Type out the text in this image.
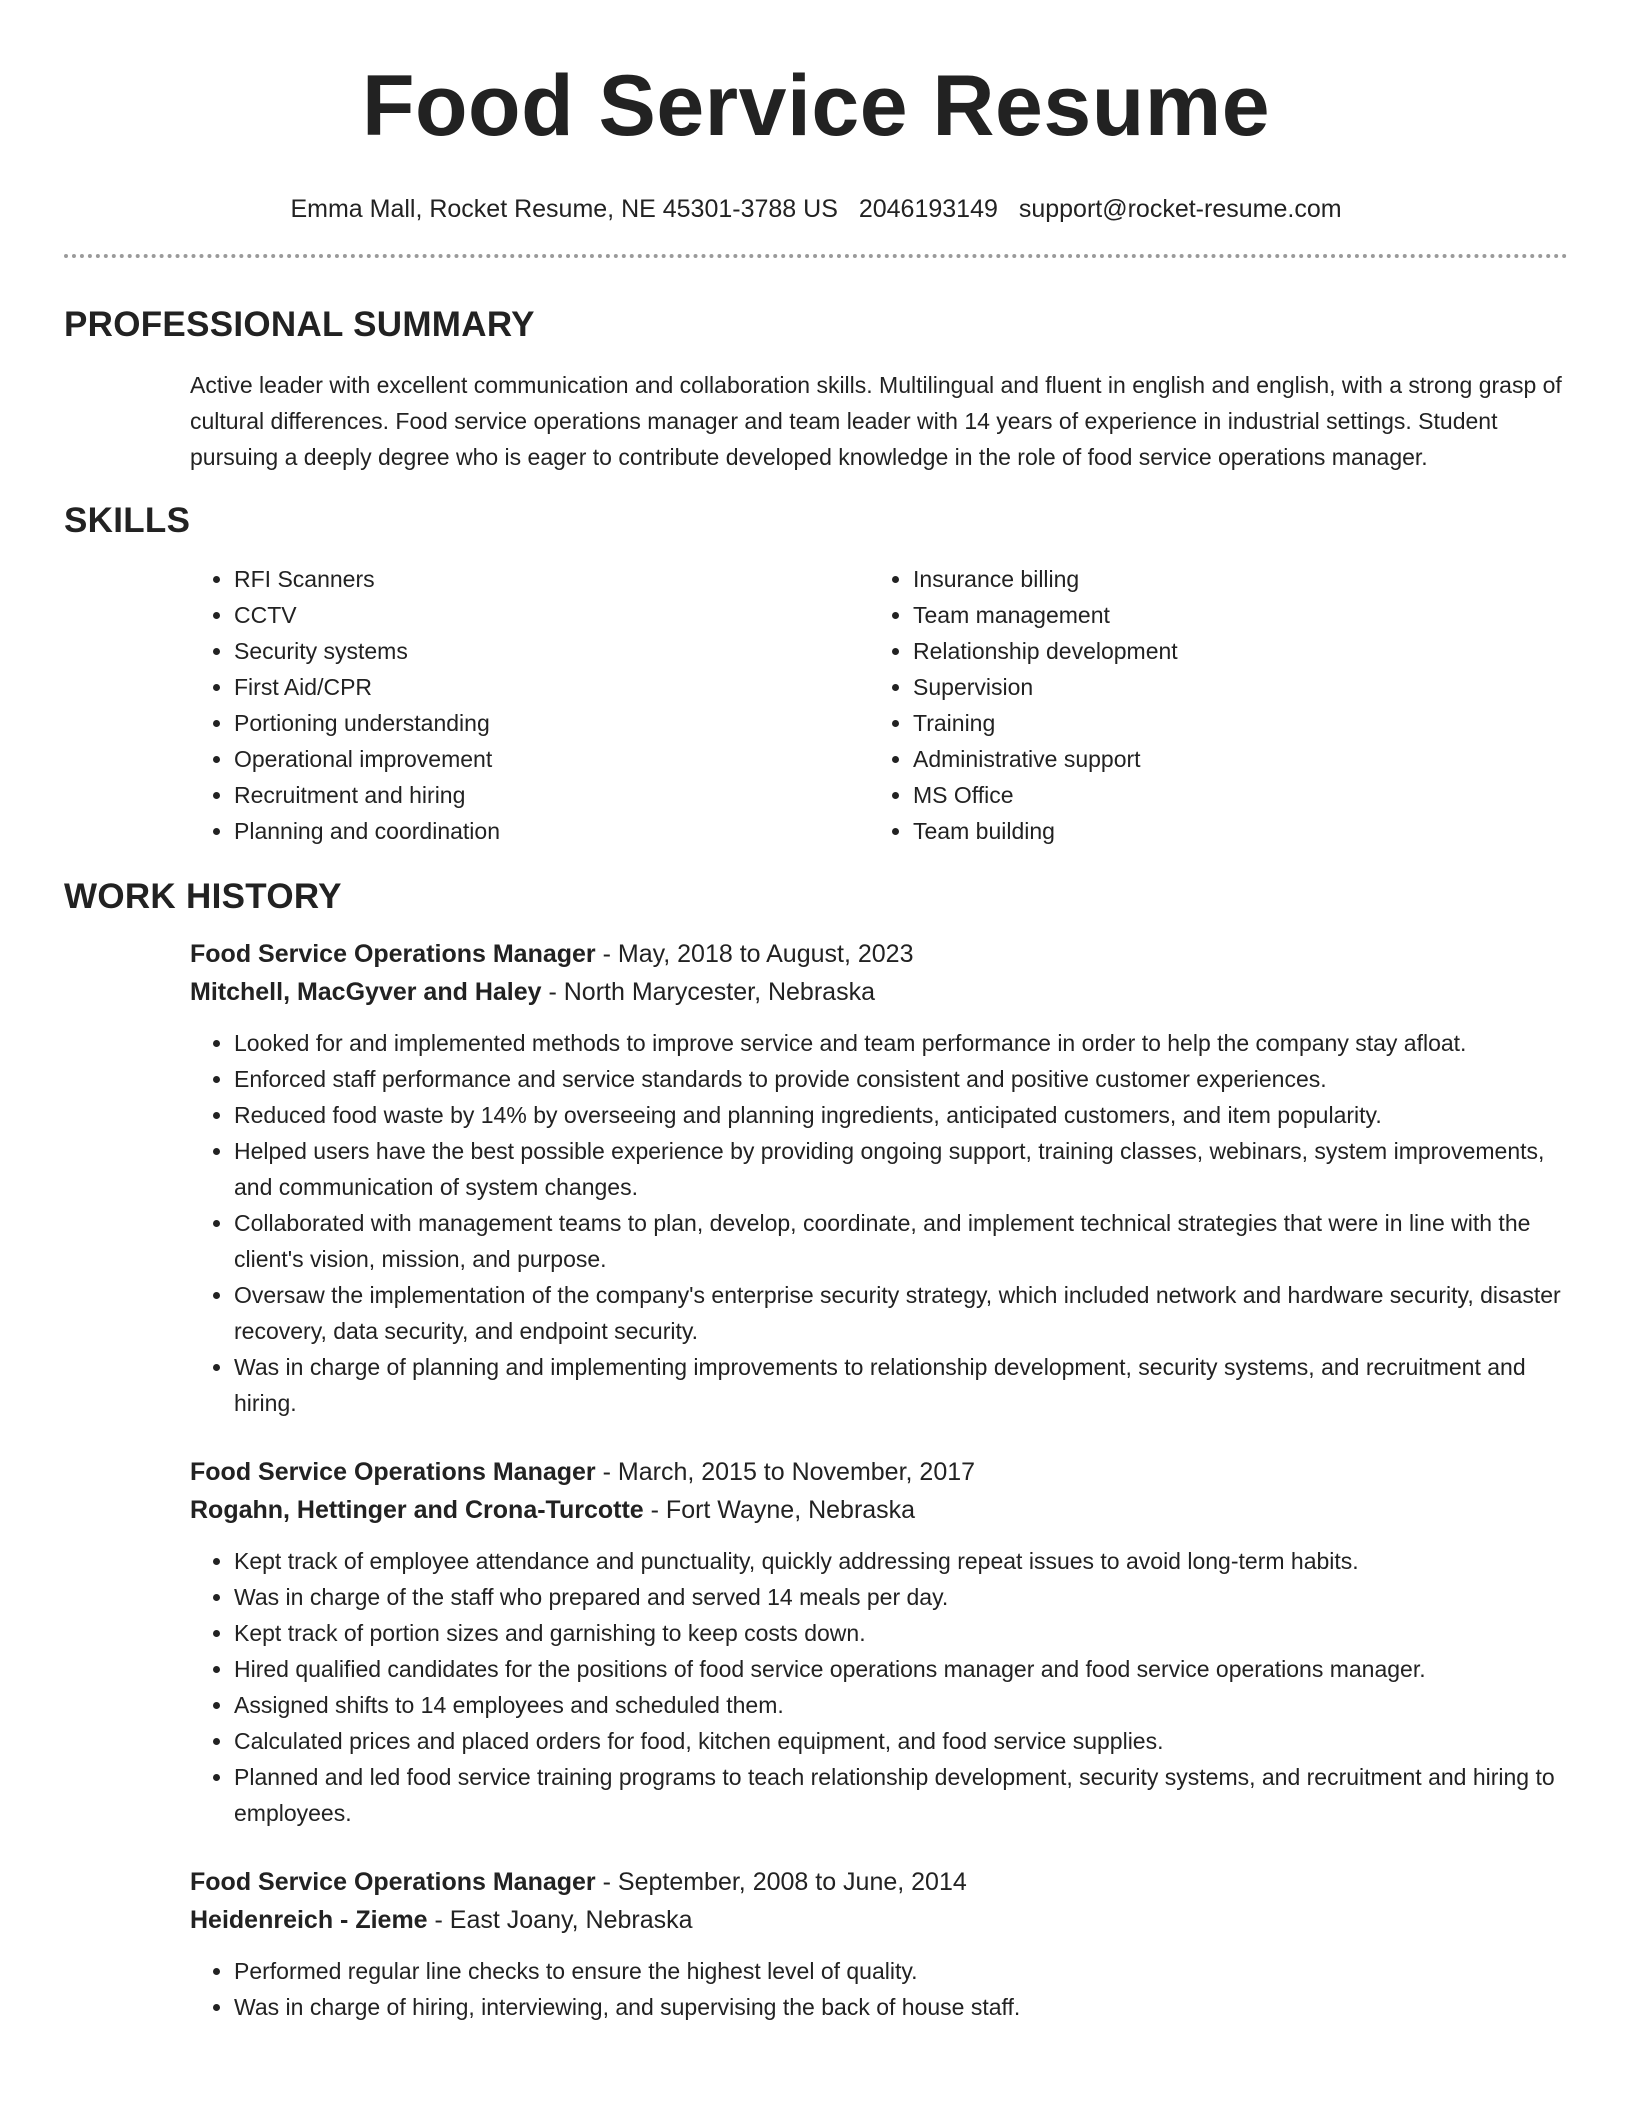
Food Service Resume
Emma Mall, Rocket Resume, NE 45301-3788 US 2046193149 support@rocket-resume.com
PROFESSIONAL SUMMARY

Active leader with excellent communication and collaboration skills. Multilingual and fluent in english and english, with a strong grasp of cultural differences. Food service operations manager and team leader with 14 years of experience in industrial settings. Student pursuing a deeply degree who is eager to contribute developed knowledge in the role of food service operations manager.

SKILLS
• RFI Scanners
• CCTV
• Security systems
• First Aid/CPR
• Portioning understanding
• Operational improvement
• Recruitment and hiring
• Planning and coordination
• Insurance billing
• Team management
• Relationship development
• Supervision
• Training
• Administrative support
• MS Office
• Team building
WORK HISTORY
Food Service Operations Manager - May, 2018 to August, 2023
Mitchell, MacGyver and Haley - North Marycester, Nebraska
• Looked for and implemented methods to improve service and team performance in order to help the company stay afloat.
• Enforced staff performance and service standards to provide consistent and positive customer experiences.
• Reduced food waste by 14% by overseeing and planning ingredients, anticipated customers, and item popularity.
• Helped users have the best possible experience by providing ongoing support, training classes, webinars, system improvements, and communication of system changes.
• Collaborated with management teams to plan, develop, coordinate, and implement technical strategies that were in line with the client's vision, mission, and purpose.
• Oversaw the implementation of the company's enterprise security strategy, which included network and hardware security, disaster recovery, data security, and endpoint security.
• Was in charge of planning and implementing improvements to relationship development, security systems, and recruitment and hiring.
Food Service Operations Manager - March, 2015 to November, 2017
Rogahn, Hettinger and Crona-Turcotte - Fort Wayne, Nebraska
• Kept track of employee attendance and punctuality, quickly addressing repeat issues to avoid long-term habits.
• Was in charge of the staff who prepared and served 14 meals per day.
• Kept track of portion sizes and garnishing to keep costs down.
• Hired qualified candidates for the positions of food service operations manager and food service operations manager.
• Assigned shifts to 14 employees and scheduled them.
• Calculated prices and placed orders for food, kitchen equipment, and food service supplies.
• Planned and led food service training programs to teach relationship development, security systems, and recruitment and hiring to employees.
Food Service Operations Manager - September, 2008 to June, 2014
Heidenreich - Zieme - East Joany, Nebraska
• Performed regular line checks to ensure the highest level of quality.
• Was in charge of hiring, interviewing, and supervising the back of house staff.
